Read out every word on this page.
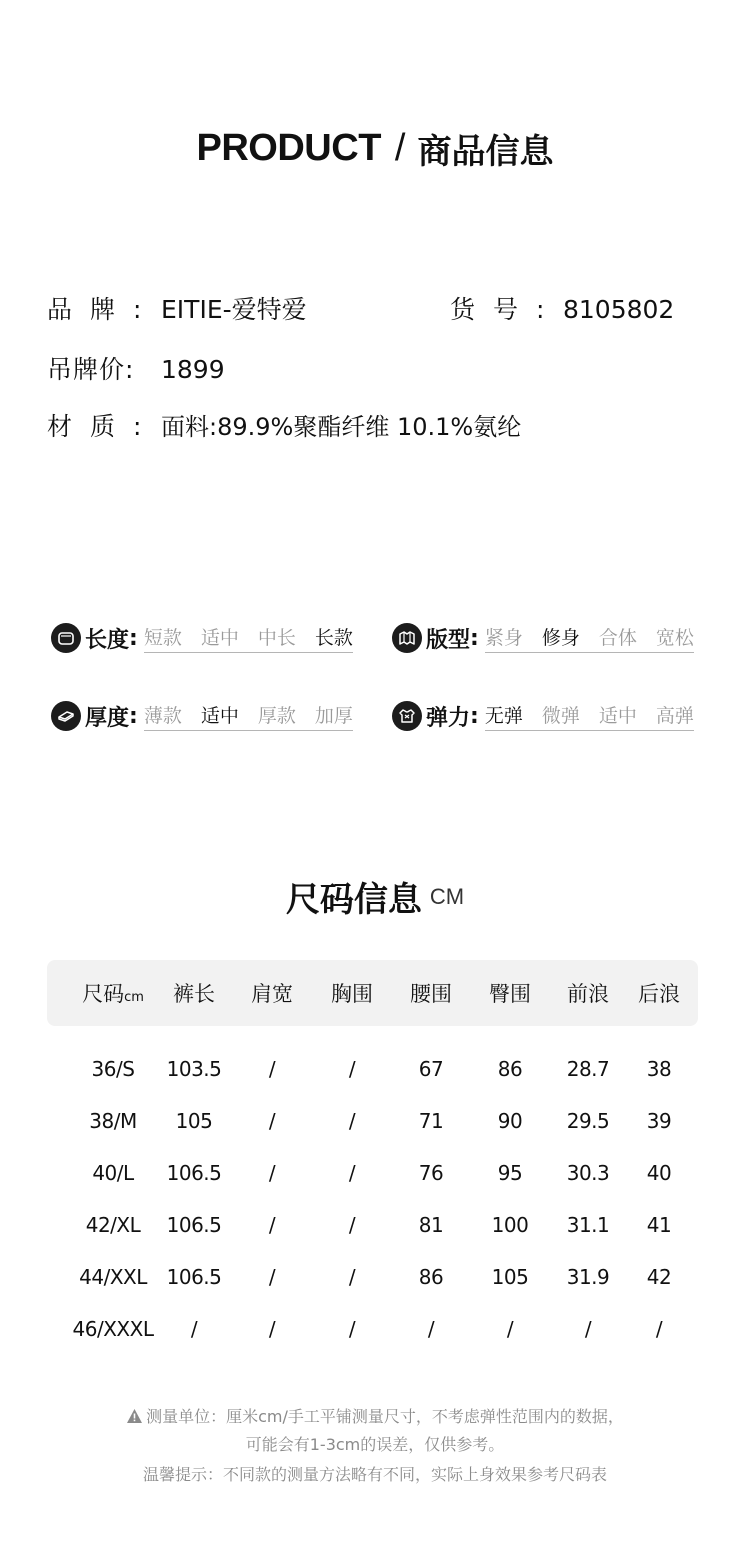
PRODUCT / 商品信息
品牌: EITIE-爱特爱	货号: 8105802
吊牌价: 1899
材质: 面料:89.9%聚酯纤维 10.1%氨纶
长度 : 短款 适中 中长 长款	版型 : 紧身 修身 合体 宽松
厚度 : 薄款 适中 厚款 加厚	弹力 : 无弹 微弹 适中 高弹
尺码信息 CM
尺码cm 裤长 肩宽 胸围 腰围 臀围 前浪 后浪
36/S 103.5 /	/	67	86 28.7 38
38/M 105	/	/	71	90 29.5 39
40/L 106.5 /	/	76	95 30.3 40
42/XL 106.5 /	/	81 100 31.1 41
44/XXL 106.5 /	/	86 105 31.9 42
46/XXXL /	/	/	/	/	/	/
测量单位：厘米cm/手工平铺测量尺寸，不考虑弹性范围内的数据，
可能会有1-3cm的误差，仅供参考。
温馨提示：不同款的测量方法略有不同，实际上身效果参考尺码表
